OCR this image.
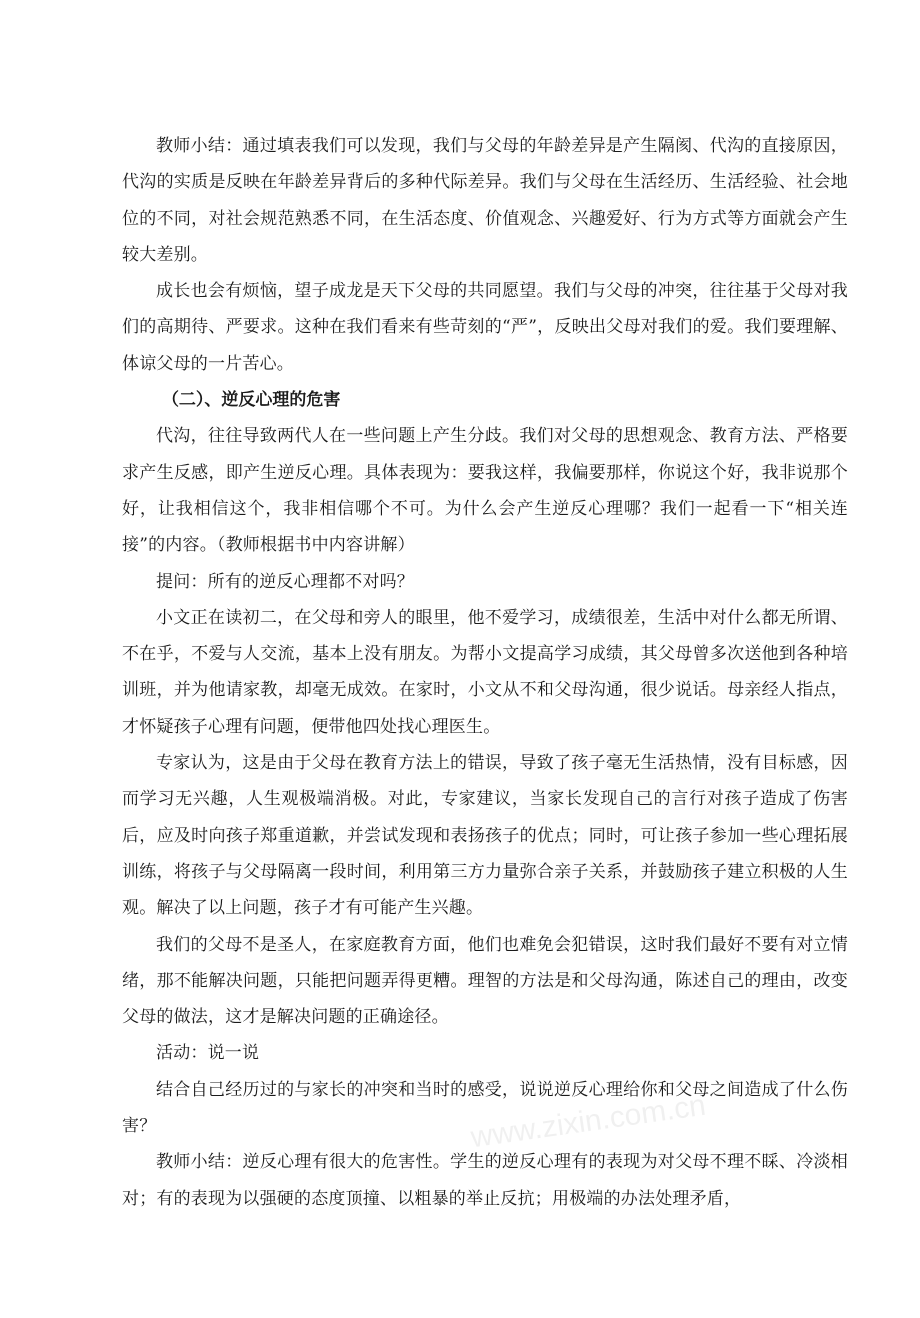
教师小结：通过填表我们可以发现，我们与父母的年龄差异是产生隔阂、代沟的直接原因，代沟的实质是反映在年龄差异背后的多种代际差异。我们与父母在生活经历、生活经验、社会地位的不同，对社会规范熟悉不同，在生活态度、价值观念、兴趣爱好、行为方式等方面就会产生较大差别。

成长也会有烦恼，望子成龙是天下父母的共同愿望。我们与父母的冲突，往往基于父母对我们的高期待、严要求。这种在我们看来有些苛刻的“严”，反映出父母对我们的爱。我们要理解、体谅父母的一片苦心。

（二）、逆反心理的危害

代沟，往往导致两代人在一些问题上产生分歧。我们对父母的思想观念、教育方法、严格要求产生反感，即产生逆反心理。具体表现为：要我这样，我偏要那样，你说这个好，我非说那个好，让我相信这个，我非相信哪个不可。为什么会产生逆反心理哪？我们一起看一下“相关连接”的内容。（教师根据书中内容讲解）

提问：所有的逆反心理都不对吗？

小文正在读初二，在父母和旁人的眼里，他不爱学习，成绩很差，生活中对什么都无所谓、不在乎，不爱与人交流，基本上没有朋友。为帮小文提高学习成绩，其父母曾多次送他到各种培训班，并为他请家教，却毫无成效。在家时，小文从不和父母沟通，很少说话。母亲经人指点，才怀疑孩子心理有问题，便带他四处找心理医生。

专家认为，这是由于父母在教育方法上的错误，导致了孩子毫无生活热情，没有目标感，因而学习无兴趣，人生观极端消极。对此，专家建议，当家长发现自己的言行对孩子造成了伤害后，应及时向孩子郑重道歉，并尝试发现和表扬孩子的优点；同时，可让孩子参加一些心理拓展训练，将孩子与父母隔离一段时间，利用第三方力量弥合亲子关系，并鼓励孩子建立积极的人生观。解决了以上问题，孩子才有可能产生兴趣。

我们的父母不是圣人，在家庭教育方面，他们也难免会犯错误，这时我们最好不要有对立情绪，那不能解决问题，只能把问题弄得更糟。理智的方法是和父母沟通，陈述自己的理由，改变父母的做法，这才是解决问题的正确途径。

活动：说一说

结合自己经历过的与家长的冲突和当时的感受，说说逆反心理给你和父母之间造成了什么伤害？

教师小结：逆反心理有很大的危害性。学生的逆反心理有的表现为对父母不理不睬、冷淡相对；有的表现为以强硬的态度顶撞、以粗暴的举止反抗；用极端的办法处理矛盾，

www.zixin.com.cn
